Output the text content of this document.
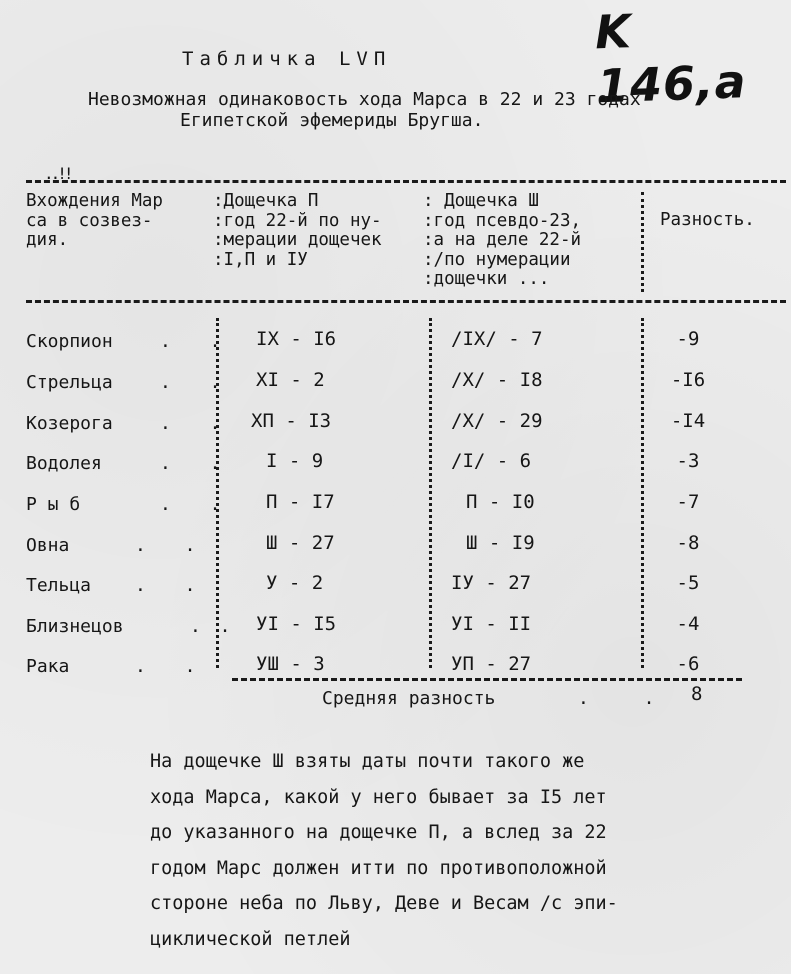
K 146,a
Табличка LVП
Невозможная одинаковость хода Марса в 22 и 23 годах
Египетской эфемериды Бругша.
..!!
Вхождения Мар
са в созвез-
дия.
:Дощечка П
:год 22-й по ну-
:мерации дощечек
:I,П и IУ
: Дощечка Ш
:год псевдо-23,
:а на деле 22-й
:/по нумерации
:дощечки ...
Разность.
Скорпион	. . IX - I6	/IX/ - 7	-9
Стрельца	. . XI - 2	/X/ - I8	-I6
Козерога	. . XП - I3	/X/ - 29	-I4
Водолея	. . I - 9	/I/ - 6	-3
Р ы б	. . П - I7	П - I0	-7
Овна	. .	Ш - 27	Ш - I9	-8
Тельца . .	У - 2	IУ - 27	-5
Близнецов	. . УI - I5	УI - II	-4
Рака	. . УШ - 3	УП - 27	-6
Средняя разность	. . 8
На дощечке Ш взяты даты почти такого же
хода Марса, какой у него бывает за I5 лет
до указанного на дощечке П, а вслед за 22
годом Марс должен итти по противоположной
стороне неба по Льву, Деве и Весам /с эпи-
циклической петлей
